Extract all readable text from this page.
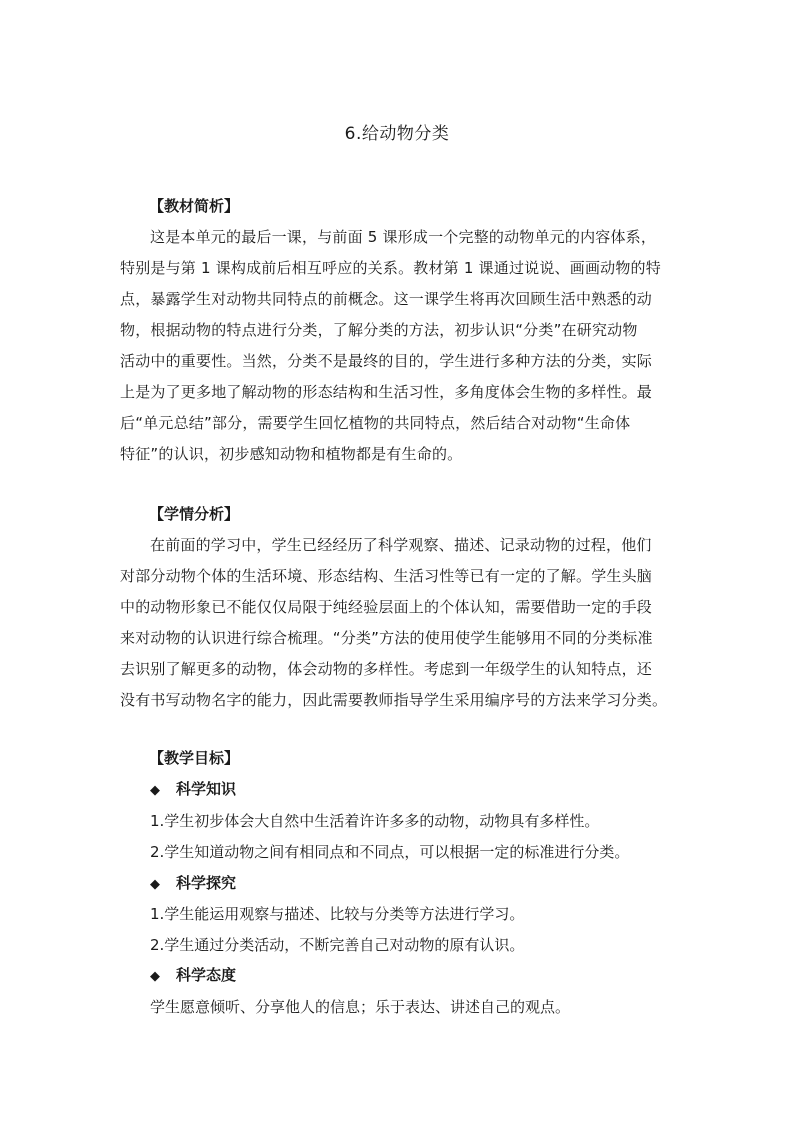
6.给动物分类
【教材简析】
这是本单元的最后一课，与前面 5 课形成一个完整的动物单元的内容体系，
特别是与第 1 课构成前后相互呼应的关系。教材第 1 课通过说说、画画动物的特
点，暴露学生对动物共同特点的前概念。这一课学生将再次回顾生活中熟悉的动
物，根据动物的特点进行分类，了解分类的方法，初步认识“分类”在研究动物
活动中的重要性。当然，分类不是最终的目的，学生进行多种方法的分类，实际
上是为了更多地了解动物的形态结构和生活习性，多角度体会生物的多样性。最
后“单元总结”部分，需要学生回忆植物的共同特点，然后结合对动物“生命体
特征”的认识，初步感知动物和植物都是有生命的。
【学情分析】
在前面的学习中，学生已经经历了科学观察、描述、记录动物的过程，他们
对部分动物个体的生活环境、形态结构、生活习性等已有一定的了解。学生头脑
中的动物形象已不能仅仅局限于纯经验层面上的个体认知，需要借助一定的手段
来对动物的认识进行综合梳理。“分类”方法的使用使学生能够用不同的分类标准
去识别了解更多的动物，体会动物的多样性。考虑到一年级学生的认知特点，还
没有书写动物名字的能力，因此需要教师指导学生采用编序号的方法来学习分类。
【教学目标】
◆ 科学知识
1.学生初步体会大自然中生活着许许多多的动物，动物具有多样性。
2.学生知道动物之间有相同点和不同点，可以根据一定的标准进行分类。
◆ 科学探究
1.学生能运用观察与描述、比较与分类等方法进行学习。
2.学生通过分类活动，不断完善自己对动物的原有认识。
◆ 科学态度
学生愿意倾听、分享他人的信息；乐于表达、讲述自己的观点。
